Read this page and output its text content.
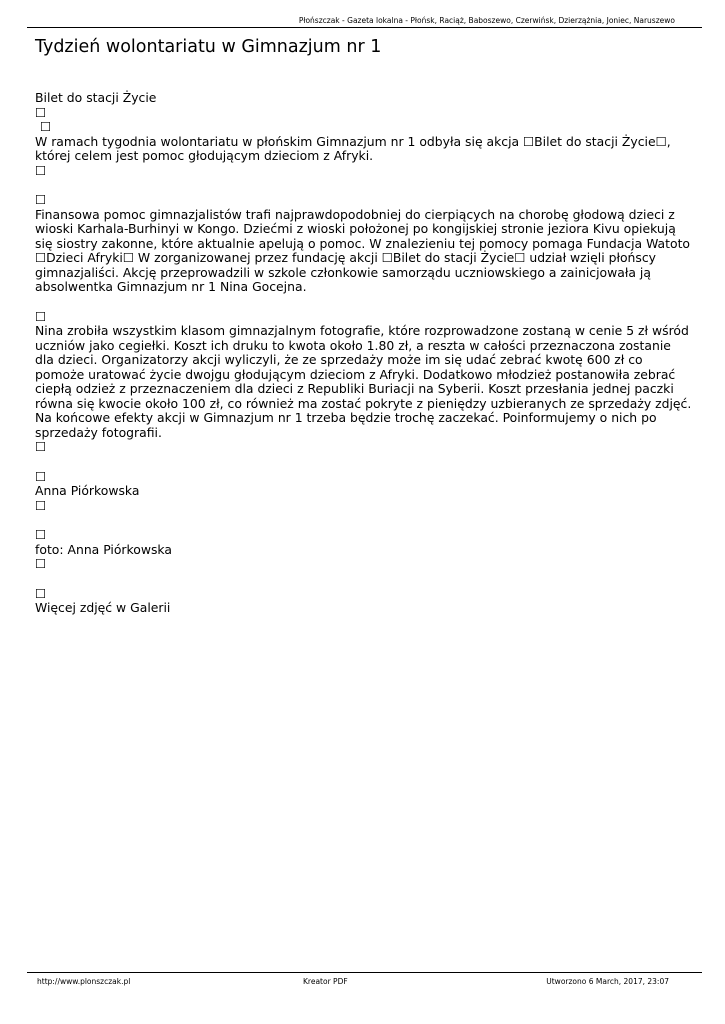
Płońszczak - Gazeta lokalna - Płońsk, Raciąż, Baboszewo, Czerwińsk, Dzierzążnia, Joniec, Naruszewo
Tydzień wolontariatu w Gimnazjum nr 1
Bilet do stacji Życie
☐
☐
W ramach tygodnia wolontariatu w płońskim Gimnazjum nr 1 odbyła się akcja ☐Bilet do stacji Życie☐,
której celem jest pomoc głodującym dzieciom z Afryki.
☐
☐
Finansowa pomoc gimnazjalistów trafi najprawdopodobniej do cierpiących na chorobę głodową dzieci z
wioski Karhala-Burhinyi w Kongo. Dziećmi z wioski położonej po kongijskiej stronie jeziora Kivu opiekują
się siostry zakonne, które aktualnie apelują o pomoc. W znalezieniu tej pomocy pomaga Fundacja Watoto
☐Dzieci Afryki☐ W zorganizowanej przez fundację akcji ☐Bilet do stacji Życie☐ udział wzięli płońscy
gimnazjaliści. Akcję przeprowadzili w szkole członkowie samorządu uczniowskiego a zainicjowała ją
absolwentka Gimnazjum nr 1 Nina Gocejna.
☐
Nina zrobiła wszystkim klasom gimnazjalnym fotografie, które rozprowadzone zostaną w cenie 5 zł wśród
uczniów jako cegiełki. Koszt ich druku to kwota około 1.80 zł, a reszta w całości przeznaczona zostanie
dla dzieci. Organizatorzy akcji wyliczyli, że ze sprzedaży może im się udać zebrać kwotę 600 zł co
pomoże uratować życie dwojgu głodującym dzieciom z Afryki. Dodatkowo młodzież postanowiła zebrać
ciepłą odzież z przeznaczeniem dla dzieci z Republiki Buriacji na Syberii. Koszt przesłania jednej paczki
równa się kwocie około 100 zł, co również ma zostać pokryte z pieniędzy uzbieranych ze sprzedaży zdjęć.
Na końcowe efekty akcji w Gimnazjum nr 1 trzeba będzie trochę zaczekać. Poinformujemy o nich po
sprzedaży fotografii.
☐
☐
Anna Piórkowska
☐
☐
foto: Anna Piórkowska
☐
☐
Więcej zdjęć w Galerii
http://www.plonszczak.pl	Kreator PDF	Utworzono 6 March, 2017, 23:07
